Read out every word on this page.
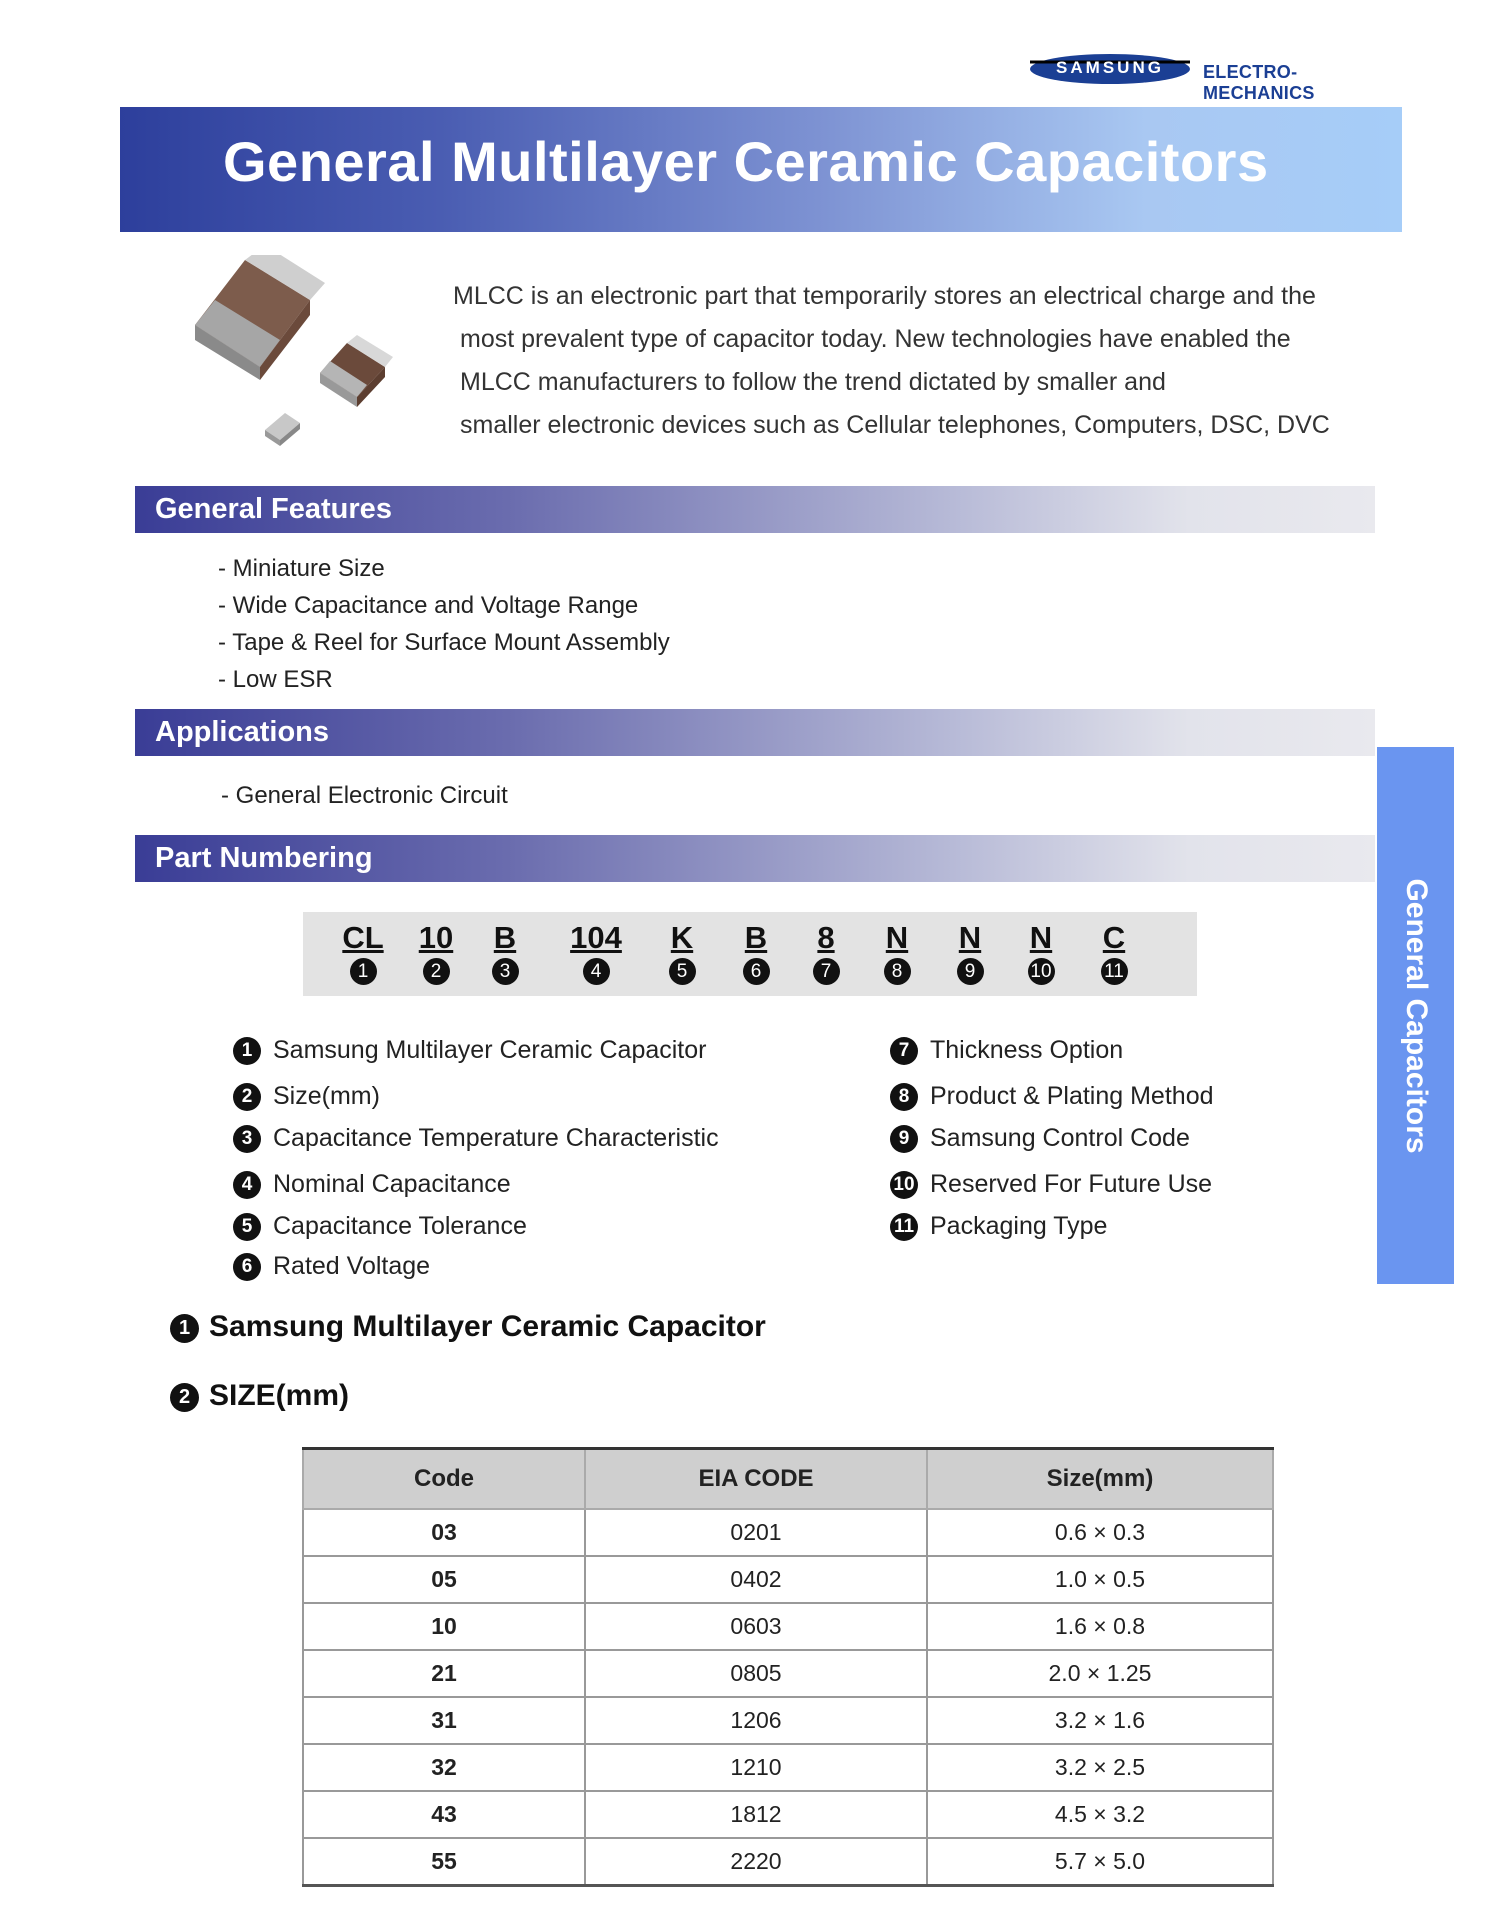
SAMSUNG	ELECTRO-MECHANICS
General Multilayer Ceramic Capacitors
MLCC is an electronic part that temporarily stores an electrical charge and the
most prevalent type of capacitor today. New technologies have enabled the
MLCC manufacturers to follow the trend dictated by smaller and
smaller electronic devices such as Cellular telephones, Computers, DSC, DVC
General Features
- Miniature Size
- Wide Capacitance and Voltage Range
- Tape & Reel for Surface Mount Assembly
- Low ESR
Applications
- General Electronic Circuit
Part Numbering
CL
1
10
2
B
3
104
4
K
5
B
6
8
7
N
8
N
9
N
10
C
11
1 Samsung Multilayer Ceramic Capacitor
2 Size(mm)
3 Capacitance Temperature Characteristic
4 Nominal Capacitance
5 Capacitance Tolerance
6 Rated Voltage
7 Thickness Option
8 Product & Plating Method
9 Samsung Control Code
10 Reserved For Future Use
11 Packaging Type
General Capacitors
1 Samsung Multilayer Ceramic Capacitor
2 SIZE(mm)
Code	EIA CODE	Size(mm)
03	0201	0.6 × 0.3
05	0402	1.0 × 0.5
10	0603	1.6 × 0.8
21	0805	2.0 × 1.25
31	1206	3.2 × 1.6
32	1210	3.2 × 2.5
43	1812	4.5 × 3.2
55	2220	5.7 × 5.0
